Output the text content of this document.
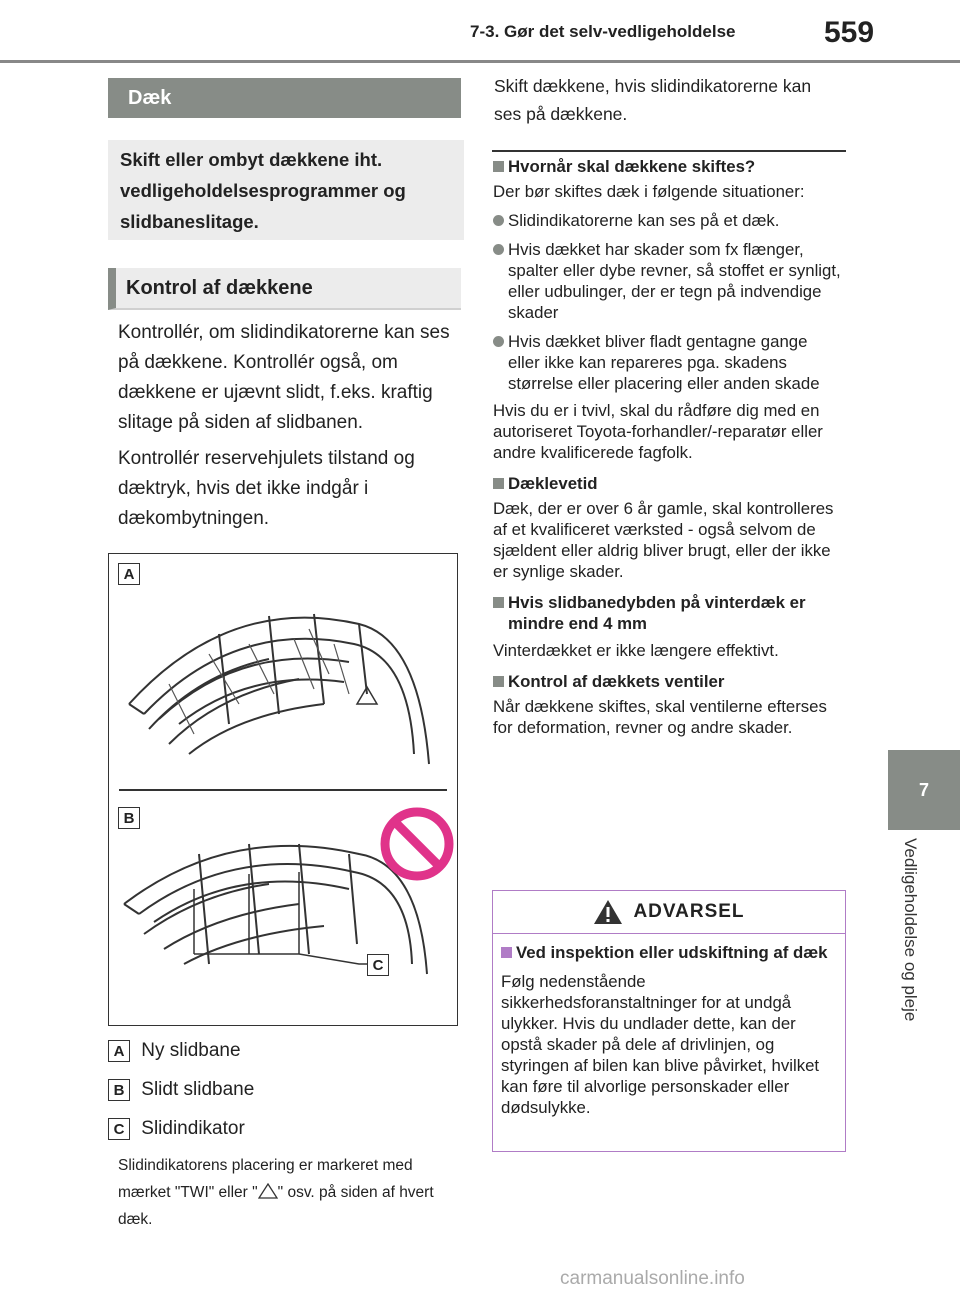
7-3. Gør det selv-vedligeholdelse	559
7
Vedligeholdelse og pleje
Dæk
Skift eller ombyt dækkene iht. vedligeholdelsesprogrammer og slidbaneslitage.
Kontrol af dækkene
Kontrollér, om slidindikatorerne kan ses på dækkene. Kontrollér også, om dækkene er ujævnt slidt, f.eks. kraftig slitage på siden af slidbanen.
Kontrollér reservehjulets tilstand og dæktryk, hvis det ikke indgår i dækombytningen.
A
B
C
A Ny slidbane
B Slidt slidbane
C Slidindikator
Slidindikatorens placering er markeret med mærket "TWI" eller " " osv. på siden af hvert dæk.
Skift dækkene, hvis slidindikatorerne kan ses på dækkene.
Hvornår skal dækkene skiftes?
Der bør skiftes dæk i følgende situationer:
Slidindikatorerne kan ses på et dæk.
Hvis dækket har skader som fx flænger, spalter eller dybe revner, så stoffet er synligt, eller udbulinger, der er tegn på indvendige skader
Hvis dækket bliver fladt gentagne gange eller ikke kan repareres pga. skadens størrelse eller placering eller anden skade
Hvis du er i tvivl, skal du rådføre dig med en autoriseret Toyota-forhandler/-reparatør eller andre kvalificerede fagfolk.
Dæklevetid
Dæk, der er over 6 år gamle, skal kontrolleres af et kvalificeret værksted - også selvom de sjældent eller aldrig bliver brugt, eller der ikke er synlige skader.
Hvis slidbanedybden på vinterdæk er mindre end 4 mm
Vinterdækket er ikke længere effektivt.
Kontrol af dækkets ventiler
Når dækkene skiftes, skal ventilerne efterses for deformation, revner og andre skader.
ADVARSEL
Ved inspektion eller udskiftning af dæk
Følg nedenstående sikkerhedsforanstaltninger for at undgå ulykker. Hvis du undlader dette, kan der opstå skader på dele af drivlinjen, og styringen af bilen kan blive påvirket, hvilket kan føre til alvorlige personskader eller dødsulykke.
carmanualsonline.info
